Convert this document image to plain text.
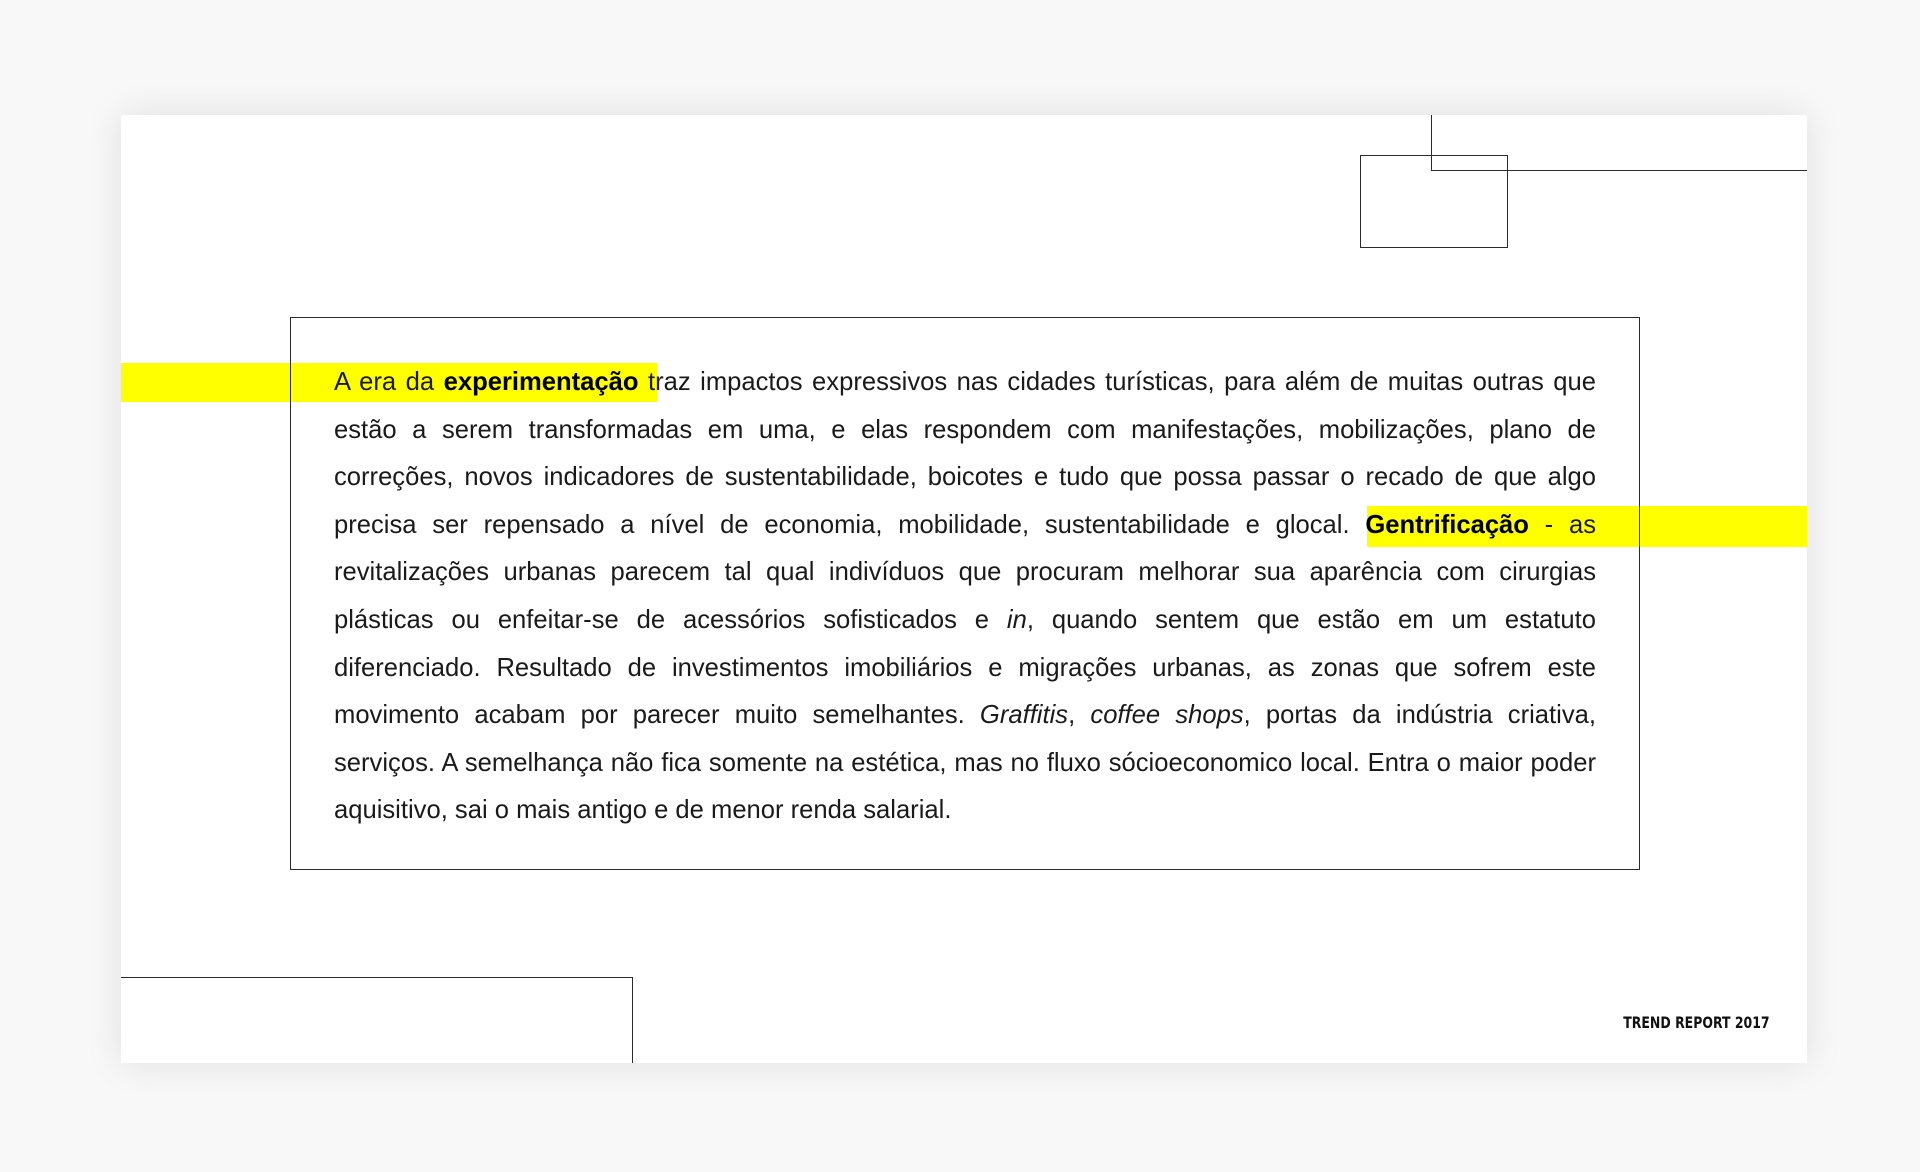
A era da experimentação traz impactos expressivos nas cidades turísticas, para além de muitas outras que estão a serem transformadas em uma, e elas respondem com manifestações, mobilizações, plano de correções, novos indicadores de sustentabilidade, boicotes e tudo que possa passar o recado de que algo precisa ser repensado a nível de economia, mobilidade, sustentabilidade e glocal. Gentrificação - as revitalizações urbanas parecem tal qual indivíduos que procuram melhorar sua aparência com cirurgias plásticas ou enfeitar-se de acessórios sofisticados e in, quando sentem que estão em um estatuto diferenciado. Resultado de investimentos imobiliários e migrações urbanas, as zonas que sofrem este movimento acabam por parecer muito semelhantes. Graffitis, coffee shops, portas da indústria criativa, serviços. A semelhança não fica somente na estética, mas no fluxo sócioeconomico local. Entra o maior poder aquisitivo, sai o mais antigo e de menor renda salarial.

TREND REPORT 2017
